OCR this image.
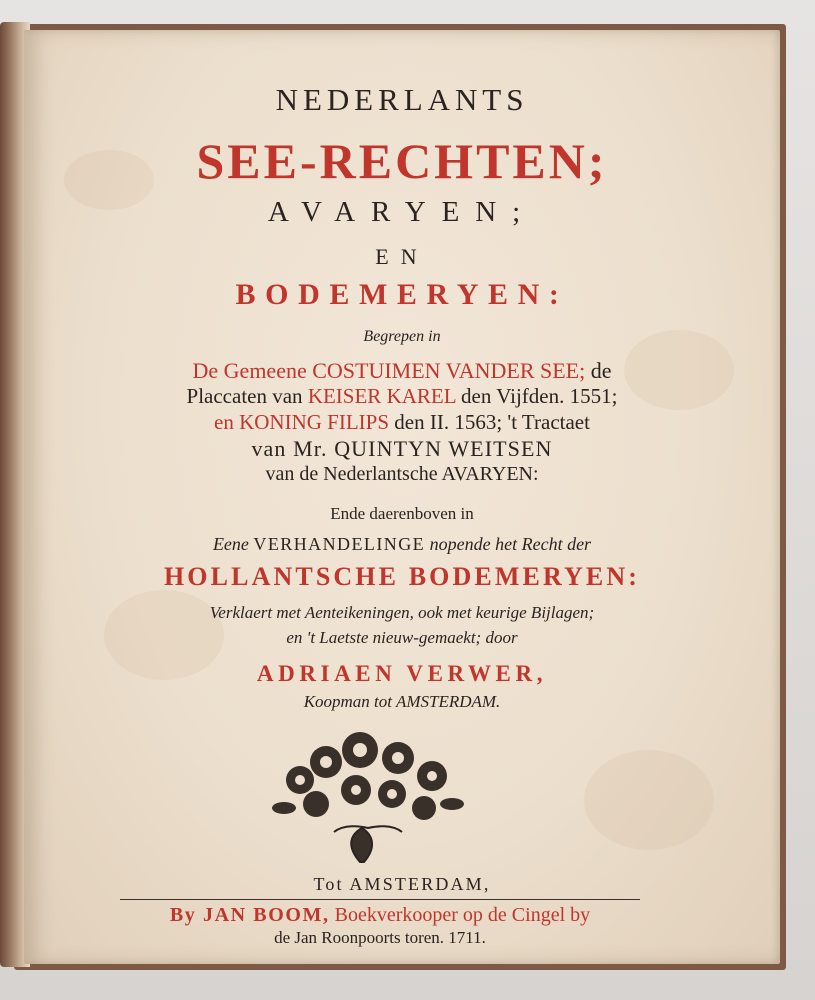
NEDERLANTS
SEE-RECHTEN;
AVARYEN;
EN
BODEMERYEN:
Begrepen in
De Gemeene COSTUIMEN VANDER SEE; de
Placcaten van KEISER KAREL den Vijfden. 1551;
en KONING FILIPS den II. 1563; 't Tractaet
van Mr. QUINTYN WEITSEN
van de Nederlantsche AVARYEN:
Ende daerenboven in
Eene VERHANDELINGE nopende het Recht der
HOLLANTSCHE BODEMERYEN:
Verklaert met Aenteikeningen, ook met keurige Bijlagen;
en 't Laetste nieuw-gemaekt; door
ADRIAEN VERWER,
Koopman tot AMSTERDAM.
Tot AMSTERDAM,
By JAN BOOM, Boekverkooper op de Cingel by
de Jan Roonpoorts toren. 1711.
